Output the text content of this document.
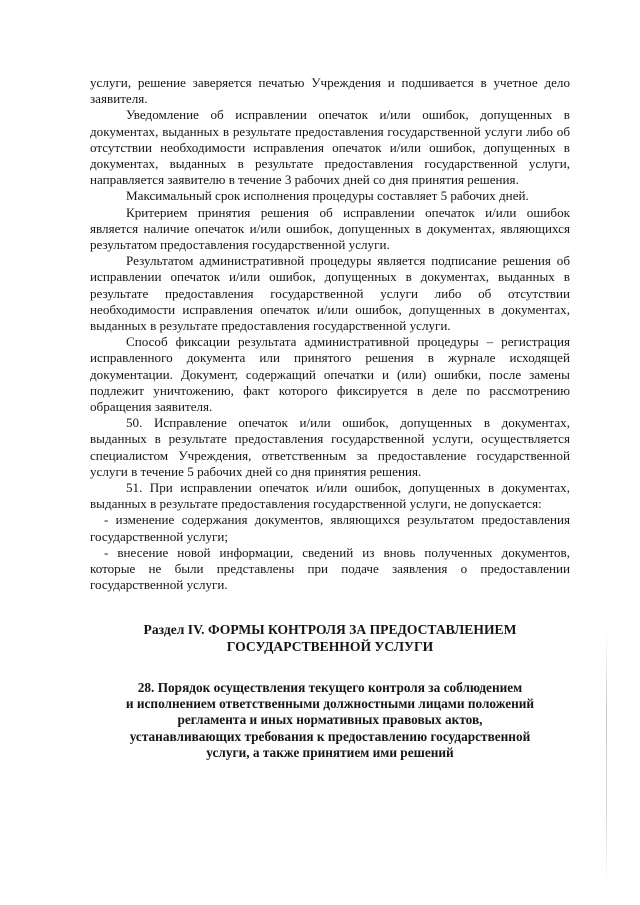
услуги, решение заверяется печатью Учреждения и подшивается в учетное дело заявителя.

Уведомление об исправлении опечаток и/или ошибок, допущенных в документах, выданных в результате предоставления государственной услуги либо об отсутствии необходимости исправления опечаток и/или ошибок, допущенных в документах, выданных в результате предоставления государственной услуги, направляется заявителю в течение 3 рабочих дней со дня принятия решения.

Максимальный срок исполнения процедуры составляет 5 рабочих дней.

Критерием принятия решения об исправлении опечаток и/или ошибок является наличие опечаток и/или ошибок, допущенных в документах, являющихся результатом предоставления государственной услуги.

Результатом административной процедуры является подписание решения об исправлении опечаток и/или ошибок, допущенных в документах, выданных в результате предоставления государственной услуги либо об отсутствии необходимости исправления опечаток и/или ошибок, допущенных в документах, выданных в результате предоставления государственной услуги.

Способ фиксации результата административной процедуры – регистрация исправленного документа или принятого решения в журнале исходящей документации. Документ, содержащий опечатки и (или) ошибки, после замены подлежит уничтожению, факт которого фиксируется в деле по рассмотрению обращения заявителя.

50. Исправление опечаток и/или ошибок, допущенных в документах, выданных в результате предоставления государственной услуги, осуществляется специалистом Учреждения, ответственным за предоставление государственной услуги в течение 5 рабочих дней со дня принятия решения.

51. При исправлении опечаток и/или ошибок, допущенных в документах, выданных в результате предоставления государственной услуги, не допускается:

- изменение содержания документов, являющихся результатом предоставления государственной услуги;

- внесение новой информации, сведений из вновь полученных документов, которые не были представлены при подаче заявления о предоставлении государственной услуги.

Раздел IV. ФОРМЫ КОНТРОЛЯ ЗА ПРЕДОСТАВЛЕНИЕМ
ГОСУДАРСТВЕННОЙ УСЛУГИ
28. Порядок осуществления текущего контроля за соблюдением
и исполнением ответственными должностными лицами положений
регламента и иных нормативных правовых актов,
устанавливающих требования к предоставлению государственной
услуги, а также принятием ими решений
